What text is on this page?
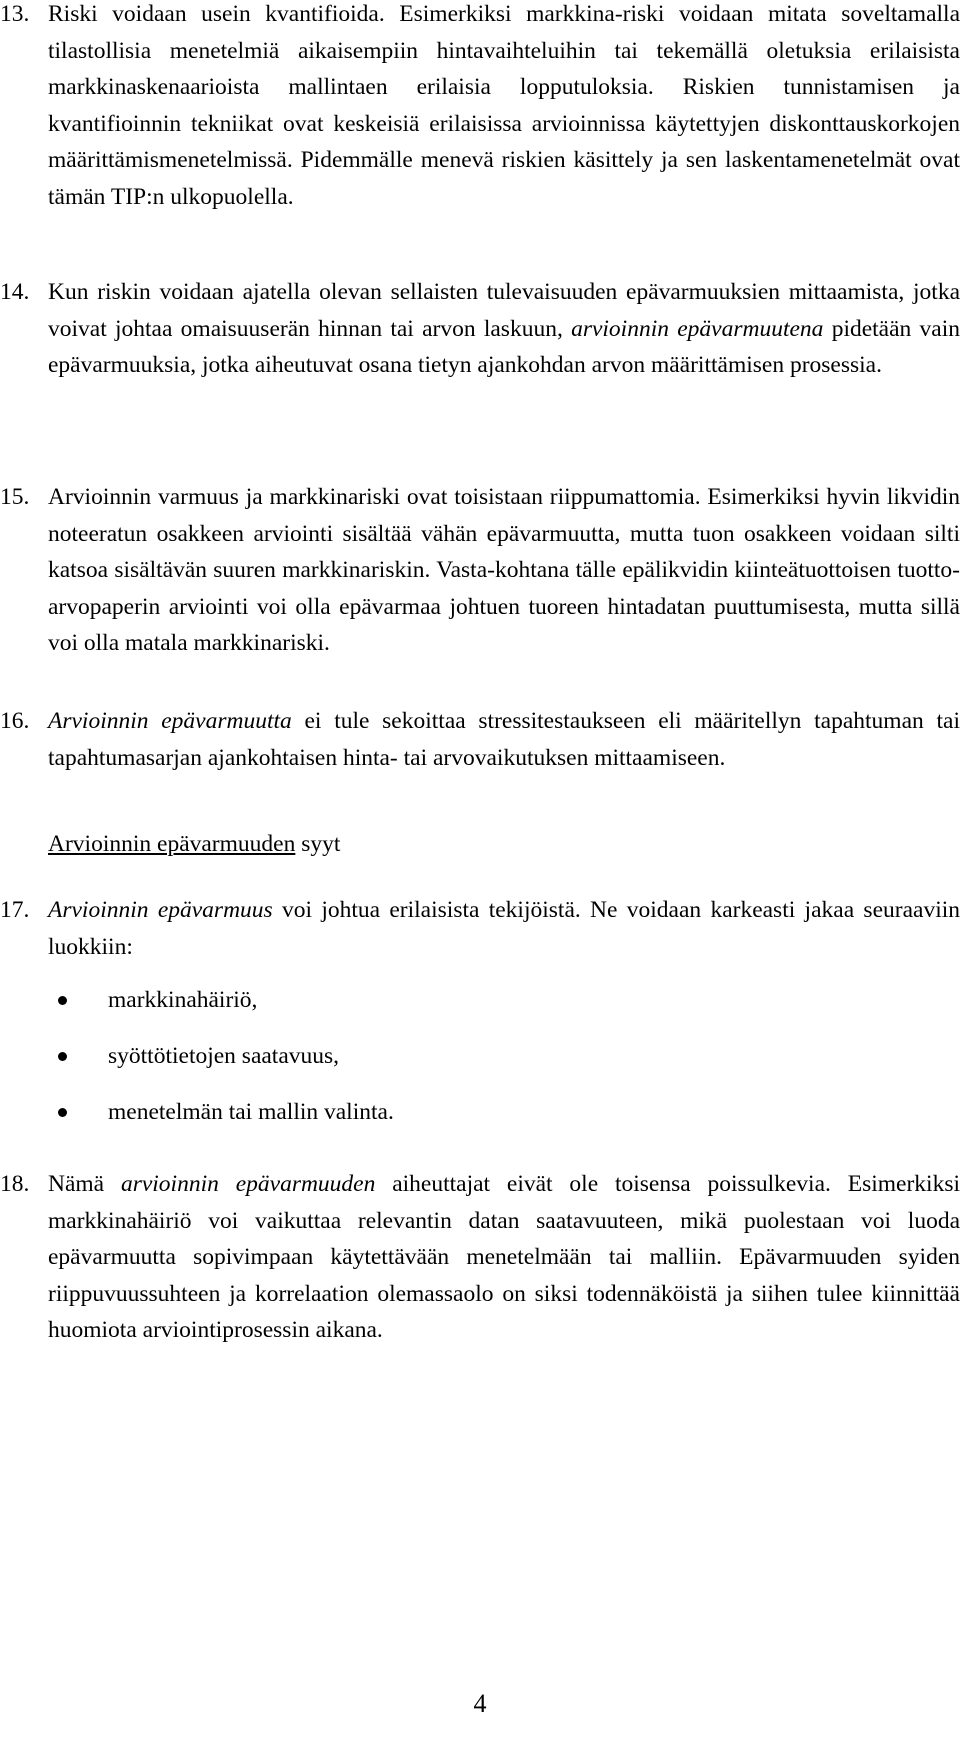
13. Riski voidaan usein kvantifioida. Esimerkiksi markkina-riski voidaan mitata soveltamalla tilastollisia menetelmiä aikaisempiin hintavaihteluihin tai tekemällä oletuksia erilaisista markkinaskenaarioista mallintaen erilaisia lopputuloksia. Riskien tunnistamisen ja kvantifioinnin tekniikat ovat keskeisiä erilaisissa arvioinnissa käytettyjen diskonttauskorkojen määrittämismenetelmissä. Pidemmälle menevä riskien käsittely ja sen laskentamenetelmät ovat tämän TIP:n ulkopuolella.
14. Kun riskin voidaan ajatella olevan sellaisten tulevaisuuden epävarmuuksien mittaamista, jotka voivat johtaa omaisuuserän hinnan tai arvon laskuun, arvioinnin epävarmuutena pidetään vain epävarmuuksia, jotka aiheutuvat osana tietyn ajankohdan arvon määrittämisen prosessia.
15. Arvioinnin varmuus ja markkinariski ovat toisistaan riippumattomia. Esimerkiksi hyvin likvidin noteeratun osakkeen arviointi sisältää vähän epävarmuutta, mutta tuon osakkeen voidaan silti katsoa sisältävän suuren markkinariskin. Vasta-kohtana tälle epälikvidin kiinteätuottoisen tuotto-arvopaperin arviointi voi olla epävarmaa johtuen tuoreen hintadatan puuttumisesta, mutta sillä voi olla matala markkinariski.
16. Arvioinnin epävarmuutta ei tule sekoittaa stressitestaukseen eli määritellyn tapahtuman tai tapahtumasarjan ajankohtaisen hinta- tai arvovaikutuksen mittaamiseen.
Arvioinnin epävarmuuden syyt
17. Arvioinnin epävarmuus voi johtua erilaisista tekijöistä. Ne voidaan karkeasti jakaa seuraaviin luokkiin:
markkinahäiriö,
syöttötietojen saatavuus,
menetelmän tai mallin valinta.
18. Nämä arvioinnin epävarmuuden aiheuttajat eivät ole toisensa poissulkevia. Esimerkiksi markkinahäiriö voi vaikuttaa relevantin datan saatavuuteen, mikä puolestaan voi luoda epävarmuutta sopivimpaan käytettävään menetelmään tai malliin. Epävarmuuden syiden riippuvuussuhteen ja korrelaation olemassaolo on siksi todennäköistä ja siihen tulee kiinnittää huomiota arviointiprosessin aikana.
4
